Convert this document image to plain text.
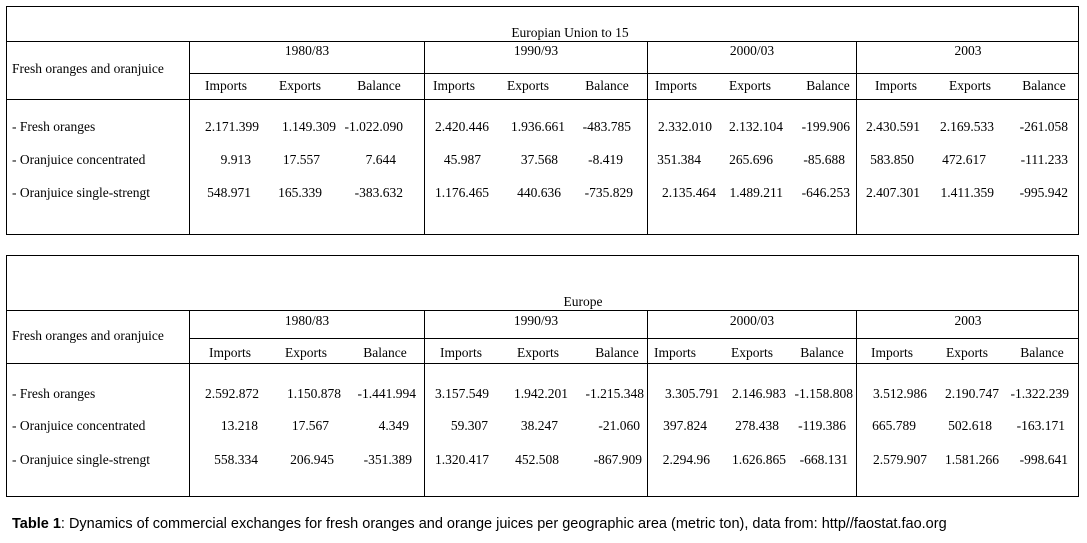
Europian Union to 15
Fresh oranges and oranjuice
1980/83	1990/93	2000/03	2003
Imports Exports	Balance Imports Exports	Balance Imports Exports	Balance Imports Exports Balance
- Fresh oranges	2.171.399 1.149.309 -1.022.090 2.420.446 1.936.661 -483.785 2.332.010 2.132.104 -199.906 2.430.591 2.169.533 -261.058
- Oranjuice concentrated	9.913 17.557	7.644	45.987	37.568 -8.419	351.384 265.696 -85.688 583.850 472.617	-111.233
- Oranjuice single-strengt	548.971 165.339 -383.632 1.176.465 440.636 -735.829 2.135.464 1.489.211 -646.253 2.407.301 1.411.359 -995.942
Europe
Fresh oranges and oranjuice
1980/83	1990/93	2000/03	2003
Imports	Exports	Balance Imports	Exports	Balance Imports	Exports Balance Imports Exports Balance
- Fresh oranges	2.592.872 1.150.878 -1.441.994 3.157.549 1.942.201 -1.215.348 3.305.791 2.146.983 -1.158.808 3.512.986 2.190.747 -1.322.239
- Oranjuice concentrated	13.218	17.567	4.349	59.307 38.247	-21.060 397.824 278.438 -119.386 665.789 502.618 -163.171
- Oranjuice single-strengt	558.334 206.945 -351.389 1.320.417 452.508	-867.909 2.294.96 1.626.865 -668.131 2.579.907 1.581.266 -998.641
Table 1: Dynamics of commercial exchanges for fresh oranges and orange juices per geographic area (metric ton), data from: http//faostat.fao.org
